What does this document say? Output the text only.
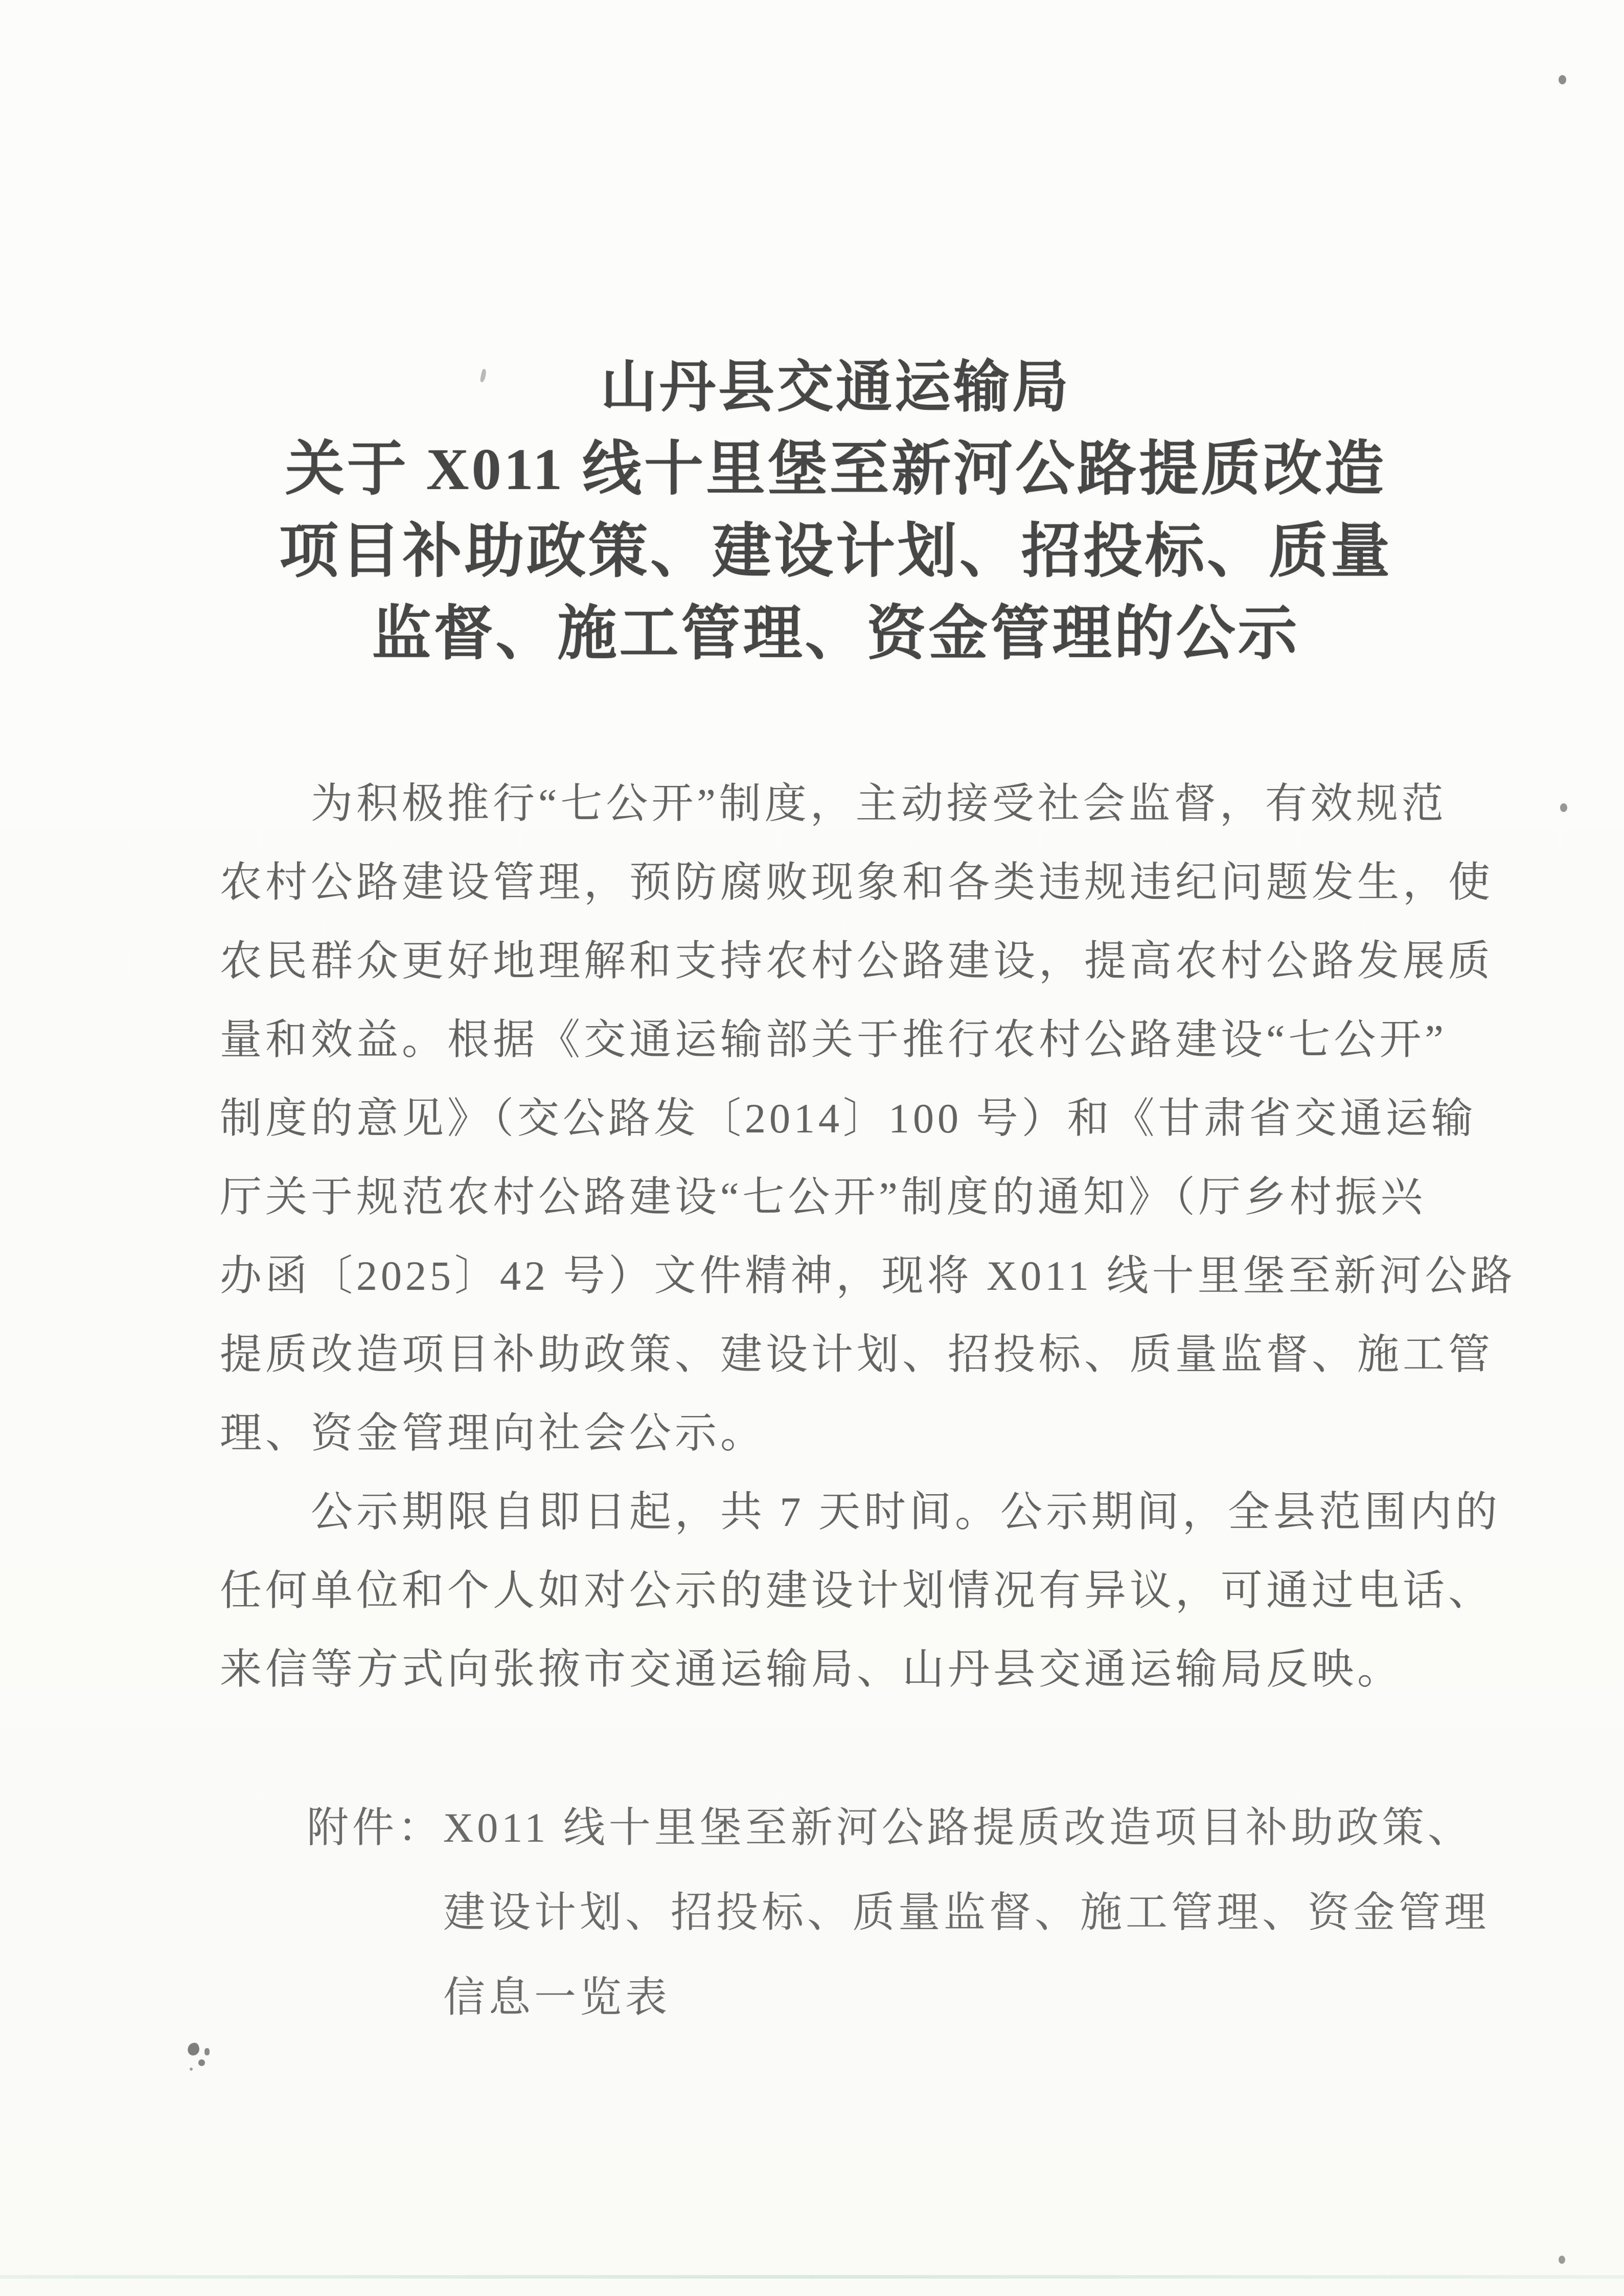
山丹县交通运输局
关于 X011 线十里堡至新河公路提质改造
项目补助政策、建设计划、招投标、质量
监督、施工管理、资金管理的公示
　　为积极推行“七公开”制度，主动接受社会监督，有效规范
农村公路建设管理，预防腐败现象和各类违规违纪问题发生，使
农民群众更好地理解和支持农村公路建设，提高农村公路发展质
量和效益。根据《交通运输部关于推行农村公路建设“七公开”
制度的意见》（交公路发〔2014〕100 号）和《甘肃省交通运输
厅关于规范农村公路建设“七公开”制度的通知》（厅乡村振兴
办函〔2025〕42 号）文件精神，现将 X011 线十里堡至新河公路
提质改造项目补助政策、建设计划、招投标、质量监督、施工管
理、资金管理向社会公示。
　　公示期限自即日起，共 7 天时间。公示期间，全县范围内的
任何单位和个人如对公示的建设计划情况有异议，可通过电话、
来信等方式向张掖市交通运输局、山丹县交通运输局反映。
附件： X011 线十里堡至新河公路提质改造项目补助政策、
建设计划、招投标、质量监督、施工管理、资金管理
信息一览表
